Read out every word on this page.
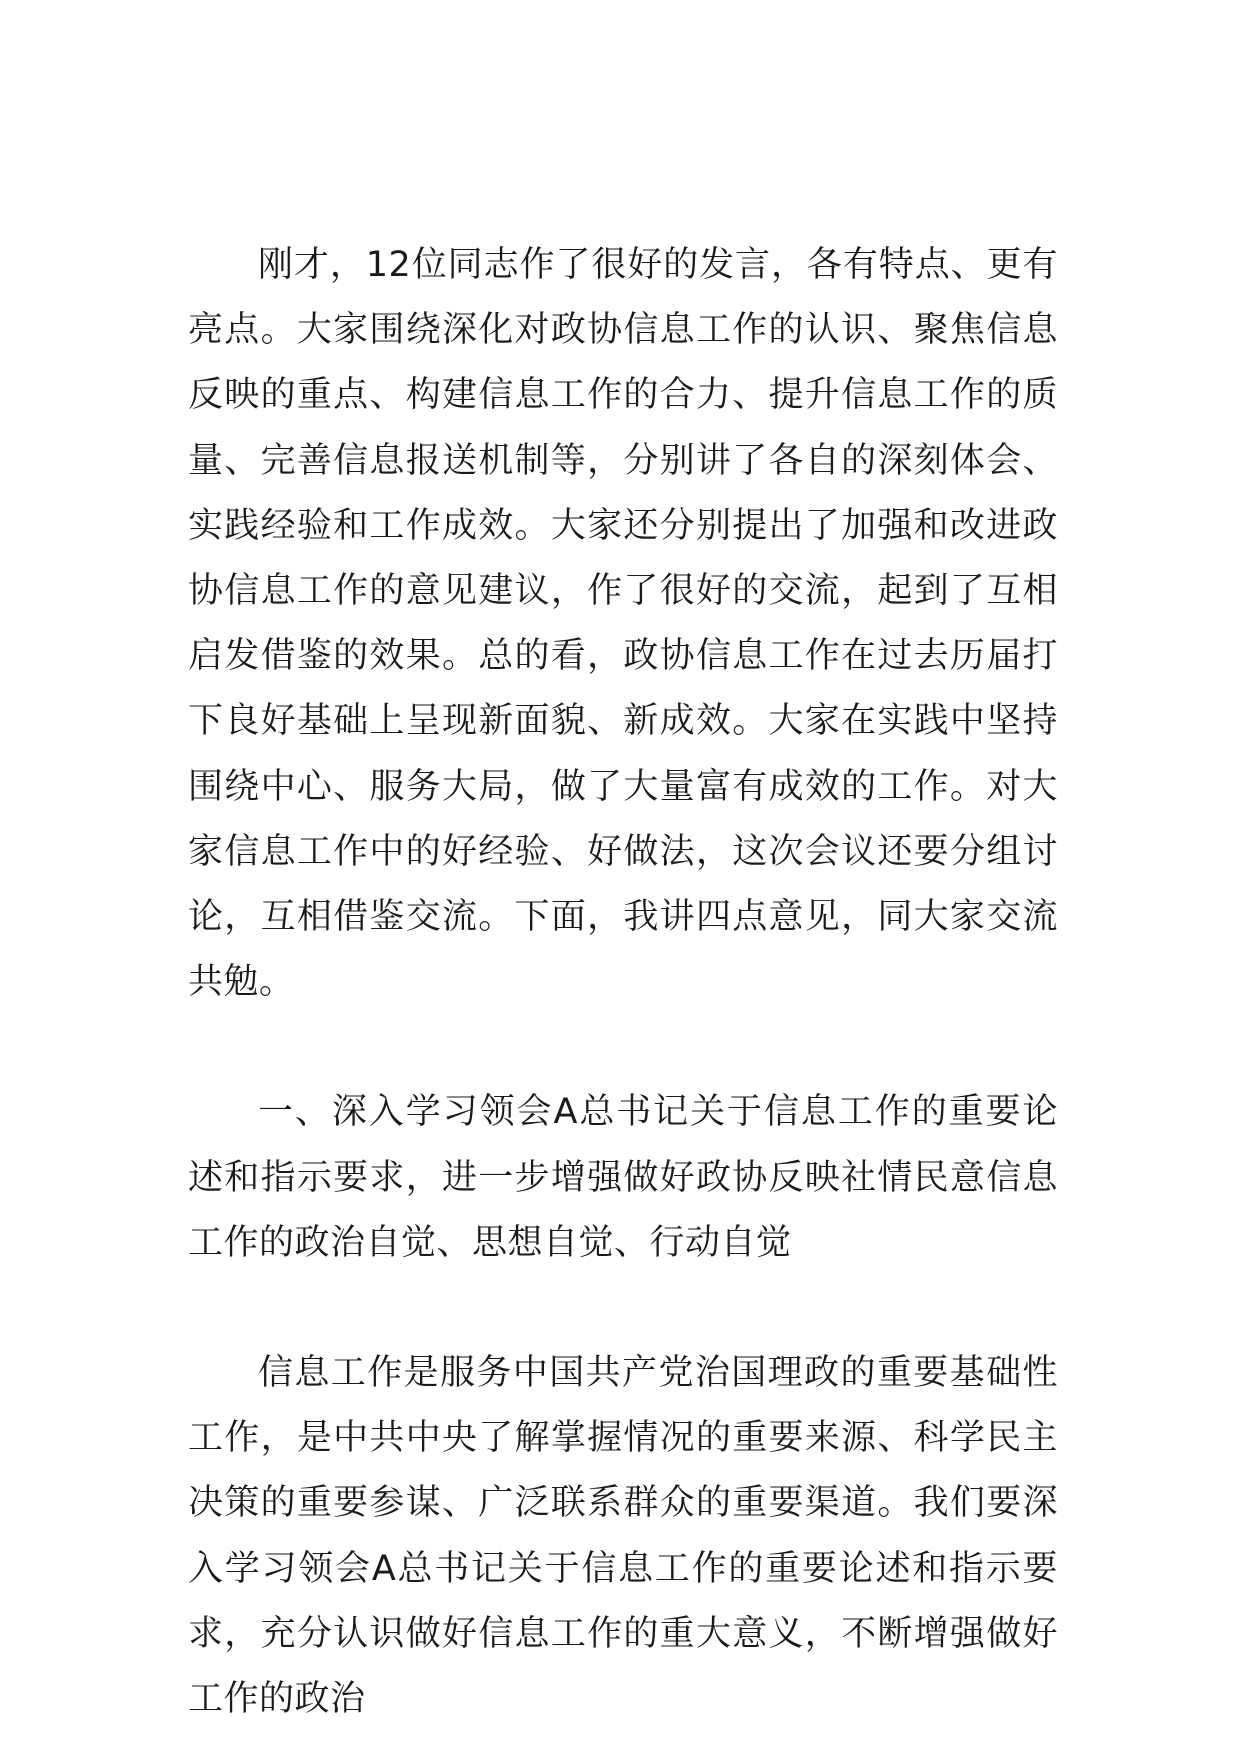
刚才，12位同志作了很好的发言，各有特点、更有亮点。大家围绕深化对政协信息工作的认识、聚焦信息反映的重点、构建信息工作的合力、提升信息工作的质量、完善信息报送机制等，分别讲了各自的深刻体会、实践经验和工作成效。大家还分别提出了加强和改进政协信息工作的意见建议，作了很好的交流，起到了互相启发借鉴的效果。总的看，政协信息工作在过去历届打下良好基础上呈现新面貌、新成效。大家在实践中坚持围绕中心、服务大局，做了大量富有成效的工作。对大家信息工作中的好经验、好做法，这次会议还要分组讨论，互相借鉴交流。下面，我讲四点意见，同大家交流共勉。

一、深入学习领会A总书记关于信息工作的重要论述和指示要求，进一步增强做好政协反映社情民意信息工作的政治自觉、思想自觉、行动自觉

信息工作是服务中国共产党治国理政的重要基础性工作，是中共中央了解掌握情况的重要来源、科学民主决策的重要参谋、广泛联系群众的重要渠道。我们要深入学习领会A总书记关于信息工作的重要论述和指示要求，充分认识做好信息工作的重大意义，不断增强做好工作的政治
